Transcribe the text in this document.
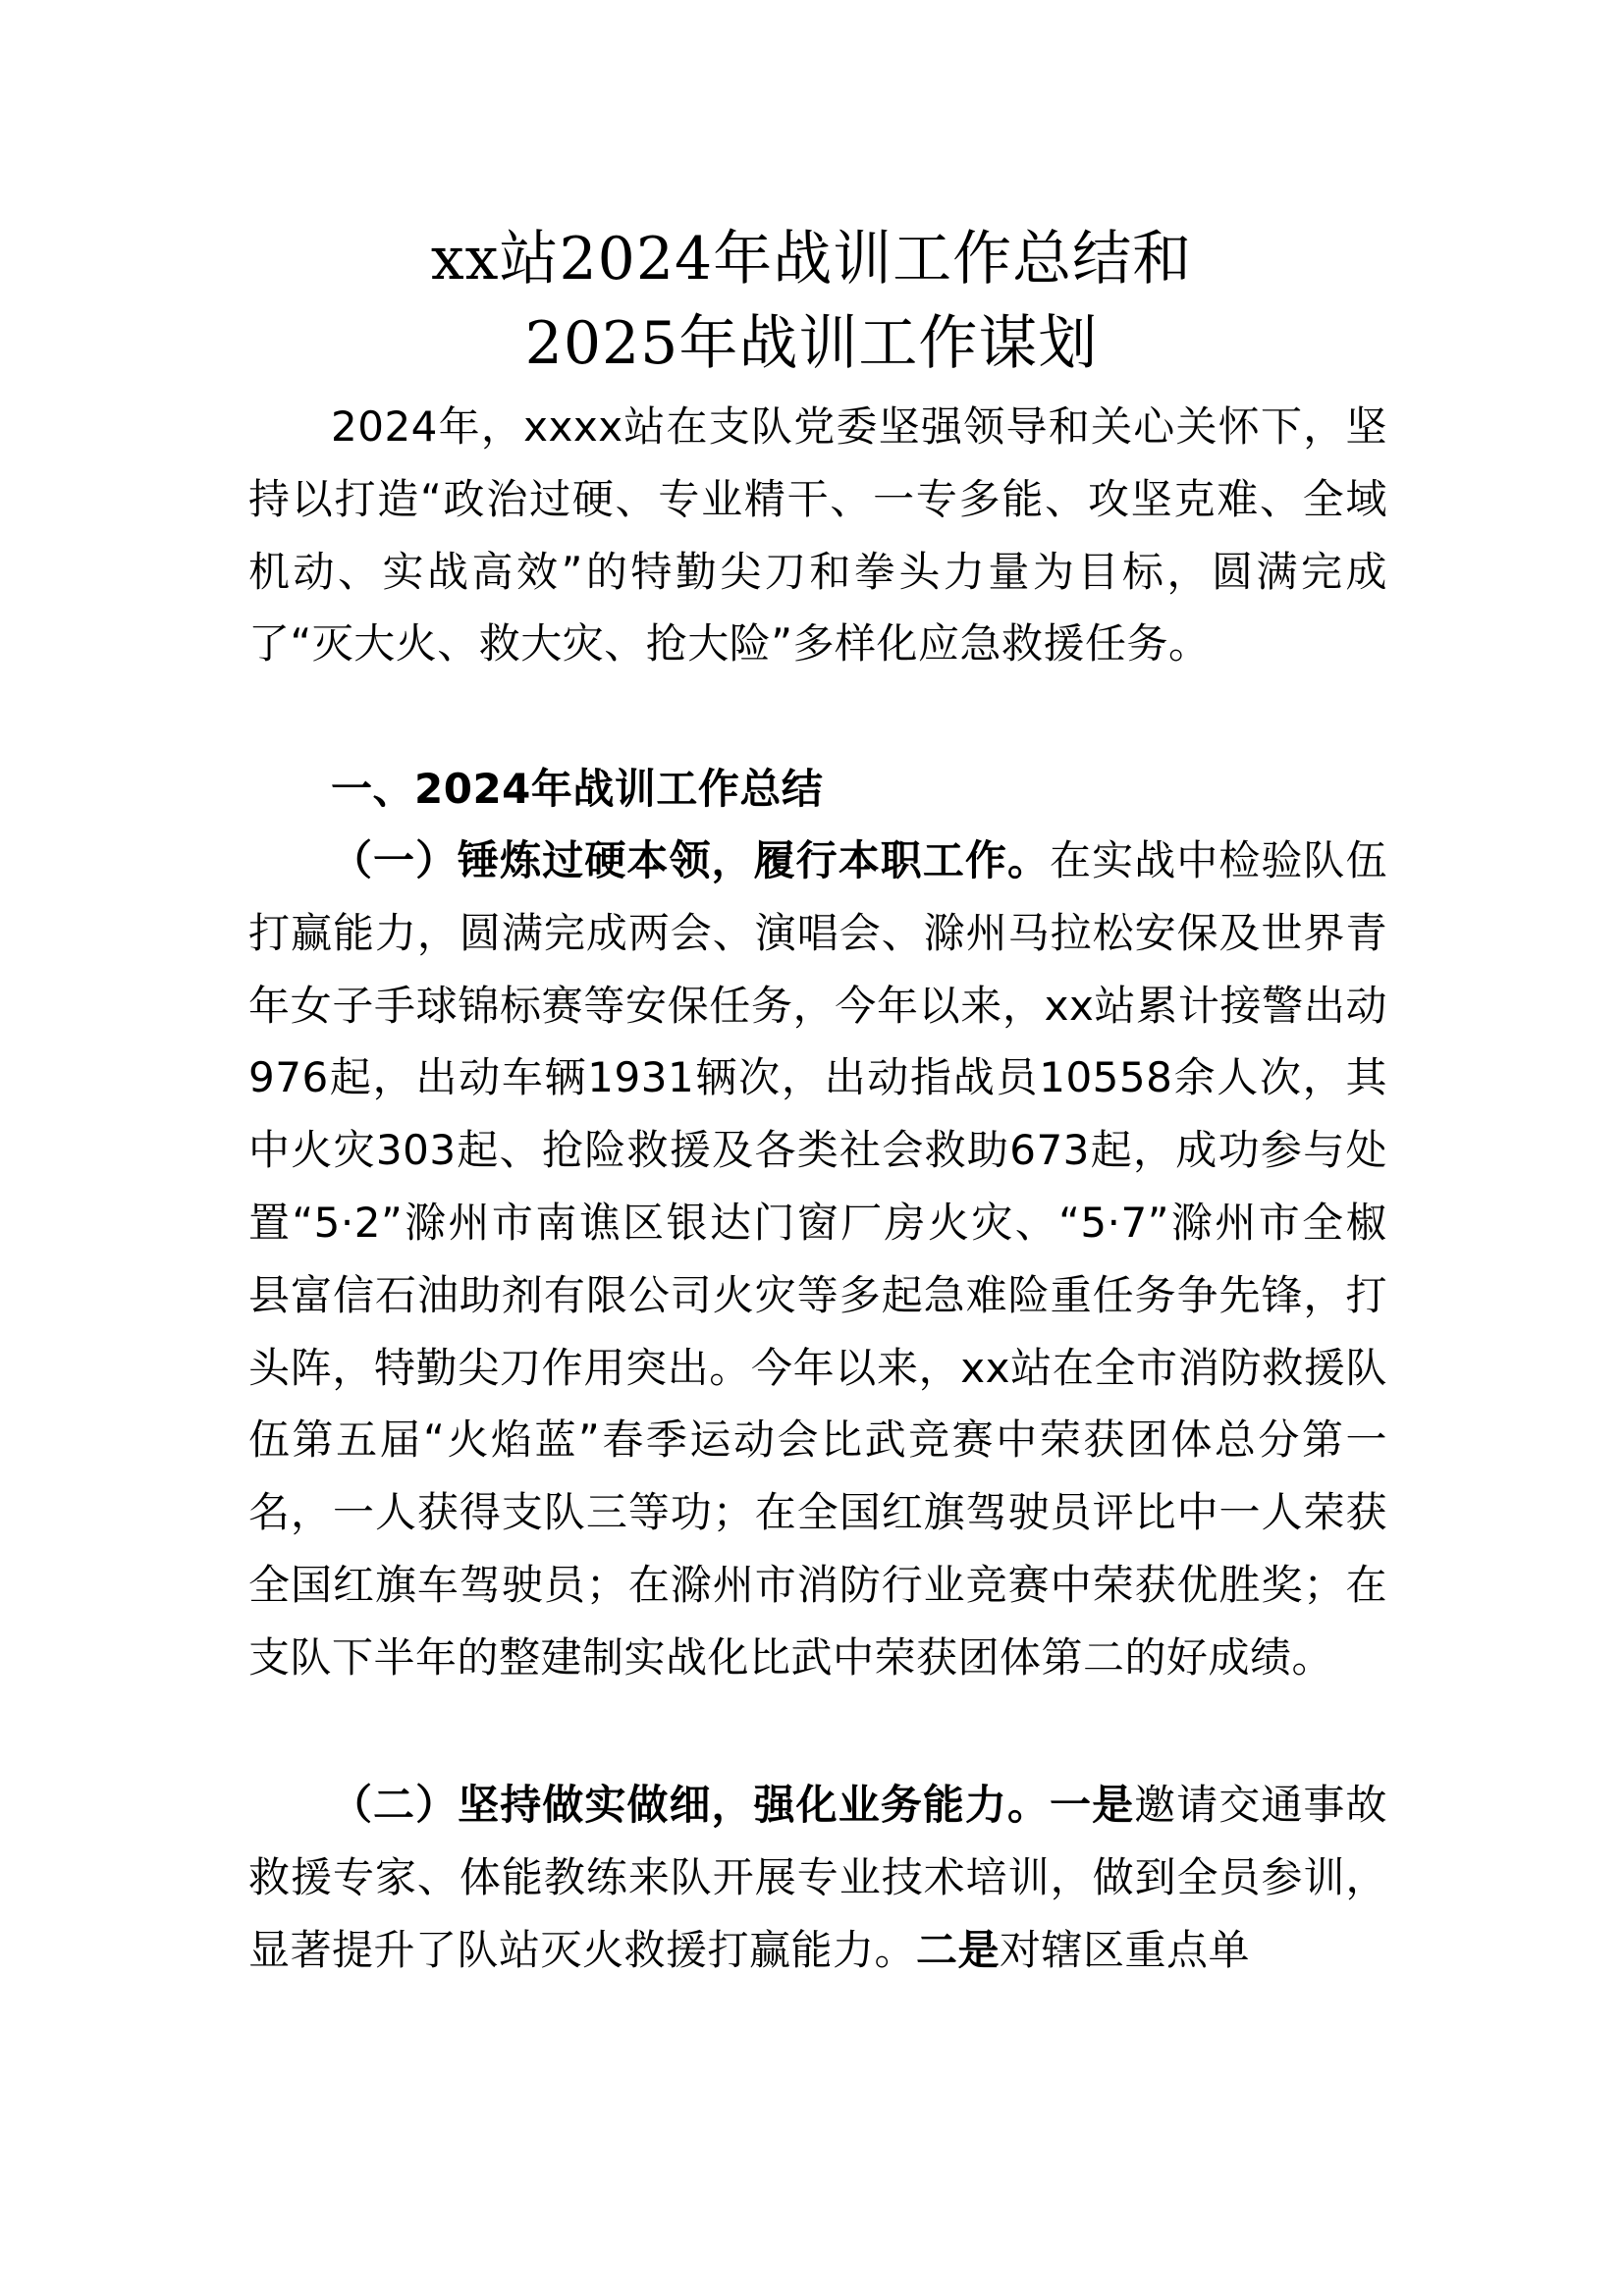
xx站2024年战训工作总结和
2025年战训工作谋划

2024年，xxxx站在支队党委坚强领导和关心关怀下，坚持以打造“政治过硬、专业精干、一专多能、攻坚克难、全域机动、实战高效”的特勤尖刀和拳头力量为目标，圆满完成了“灭大火、救大灾、抢大险”多样化应急救援任务。

一、2024年战训工作总结

（一）锤炼过硬本领，履行本职工作。在实战中检验队伍打赢能力，圆满完成两会、演唱会、滁州马拉松安保及世界青年女子手球锦标赛等安保任务，今年以来，xx站累计接警出动976起，出动车辆1931辆次，出动指战员10558余人次，其中火灾303起、抢险救援及各类社会救助673起，成功参与处置“5·2”滁州市南谯区银达门窗厂房火灾、“5·7”滁州市全椒县富信石油助剂有限公司火灾等多起急难险重任务争先锋，打头阵，特勤尖刀作用突出。今年以来，xx站在全市消防救援队伍第五届“火焰蓝”春季运动会比武竞赛中荣获团体总分第一名，一人获得支队三等功；在全国红旗驾驶员评比中一人荣获全国红旗车驾驶员；在滁州市消防行业竞赛中荣获优胜奖；在支队下半年的整建制实战化比武中荣获团体第二的好成绩。

（二）坚持做实做细，强化业务能力。一是邀请交通事故救援专家、体能教练来队开展专业技术培训，做到全员参训，显著提升了队站灭火救援打赢能力。二是对辖区重点单
